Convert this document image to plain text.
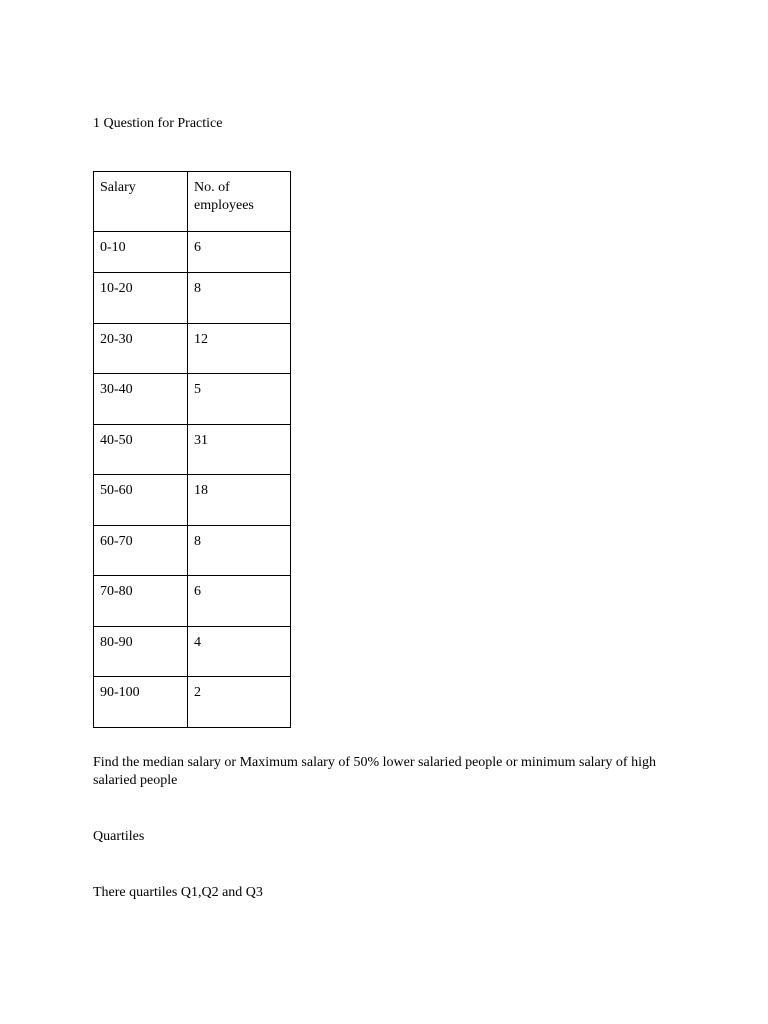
1 Question for Practice

Salary	No. of employees

0-10	6
10-20	8
20-30	12
30-40	5
40-50	31
50-60	18
60-70	8
70-80	6
80-90	4
90-100	2

Find the median salary or Maximum salary of 50% lower salaried people or minimum salary of high salaried people

Quartiles

There quartiles Q1,Q2 and Q3
